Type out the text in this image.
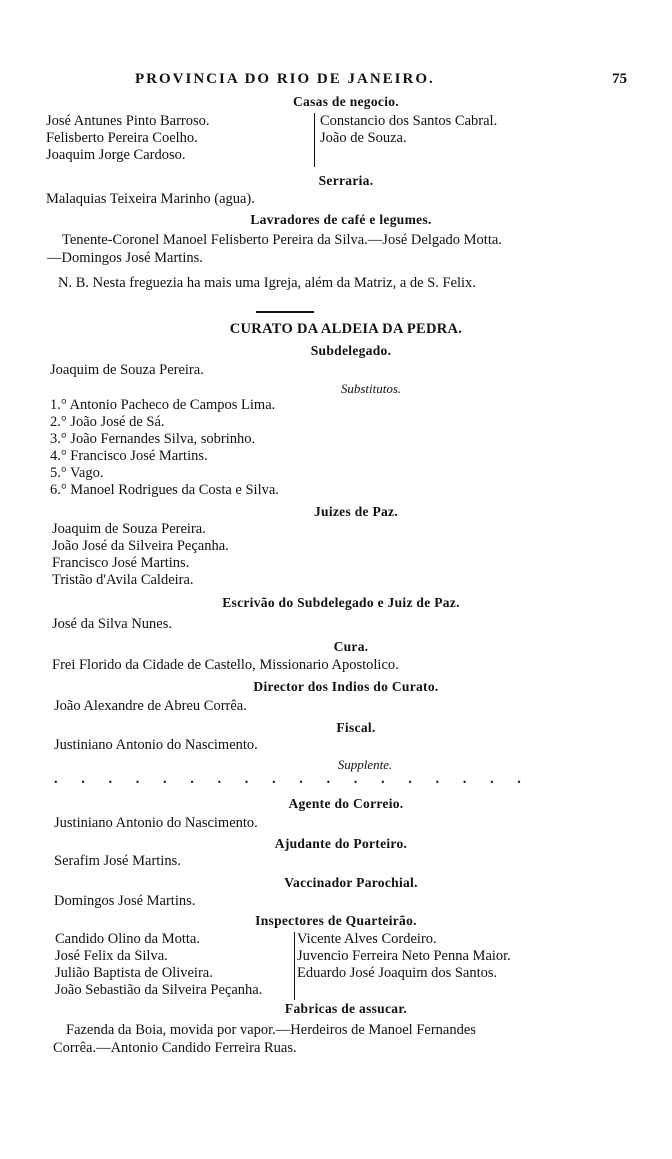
PROVINCIA DO RIO DE JANEIRO.	75
Casas de negocio.
José Antunes Pinto Barroso.
Felisberto Pereira Coelho.
Joaquim Jorge Cardoso.
Constancio dos Santos Cabral.
João de Souza.
Serraria.
Malaquias Teixeira Marinho (agua).
Lavradores de café e legumes.
Tenente-Coronel Manoel Felisberto Pereira da Silva.—José Delgado Motta.
—Domingos José Martins.
N. B. Nesta freguezia ha mais uma Igreja, além da Matriz, a de S. Felix.
CURATO DA ALDEIA DA PEDRA.
Subdelegado.
Joaquim de Souza Pereira.
Substitutos.
1.° Antonio Pacheco de Campos Lima.
2.° João José de Sá.
3.° João Fernandes Silva, sobrinho.
4.° Francisco José Martins.
5.° Vago.
6.° Manoel Rodrigues da Costa e Silva.
Juizes de Paz.
Joaquim de Souza Pereira.
João José da Silveira Peçanha.
Francisco José Martins.
Tristão d'Avila Caldeira.
Escrivão do Subdelegado e Juiz de Paz.
José da Silva Nunes.
Cura.
Frei Florido da Cidade de Castello, Missionario Apostolico.
Director dos Indios do Curato.
João Alexandre de Abreu Corrêa.
Fiscal.
Justiniano Antonio do Nascimento.
Supplente.
. . . . . . . . . . . . . . . . . .
Agente do Correio.
Justiniano Antonio do Nascimento.
Ajudante do Porteiro.
Serafim José Martins.
Vaccinador Parochial.
Domingos José Martins.
Inspectores de Quarteirão.
Candido Olino da Motta.
José Felix da Silva.
Julião Baptista de Oliveira.
João Sebastião da Silveira Peçanha.
Vicente Alves Cordeiro.
Juvencio Ferreira Neto Penna Maior.
Eduardo José Joaquim dos Santos.
Fabricas de assucar.
Fazenda da Boia, movida por vapor.—Herdeiros de Manoel Fernandes
Corrêa.—Antonio Candido Ferreira Ruas.
